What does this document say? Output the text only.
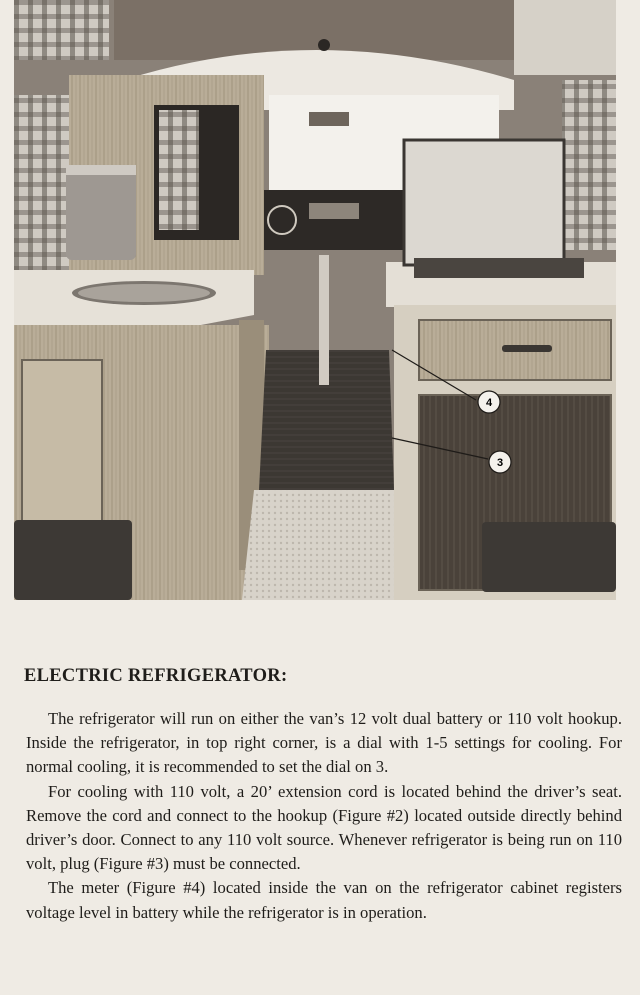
4
3
ELECTRIC REFRIGERATOR:

The refrigerator will run on either the van’s 12 volt dual battery or 110 volt hookup. Inside the refrigerator, in top right corner, is a dial with 1-5 settings for cooling. For normal cooling, it is recommended to set the dial on 3.

For cooling with 110 volt, a 20’ extension cord is located behind the driver’s seat. Remove the cord and connect to the hookup (Figure #2) located outside directly behind driver’s door. Connect to any 110 volt source. Whenever refrigerator is being run on 110 volt, plug (Figure #3) must be connected.

The meter (Figure #4) located inside the van on the refrigerator cabinet registers voltage level in battery while the refrigerator is in operation.
